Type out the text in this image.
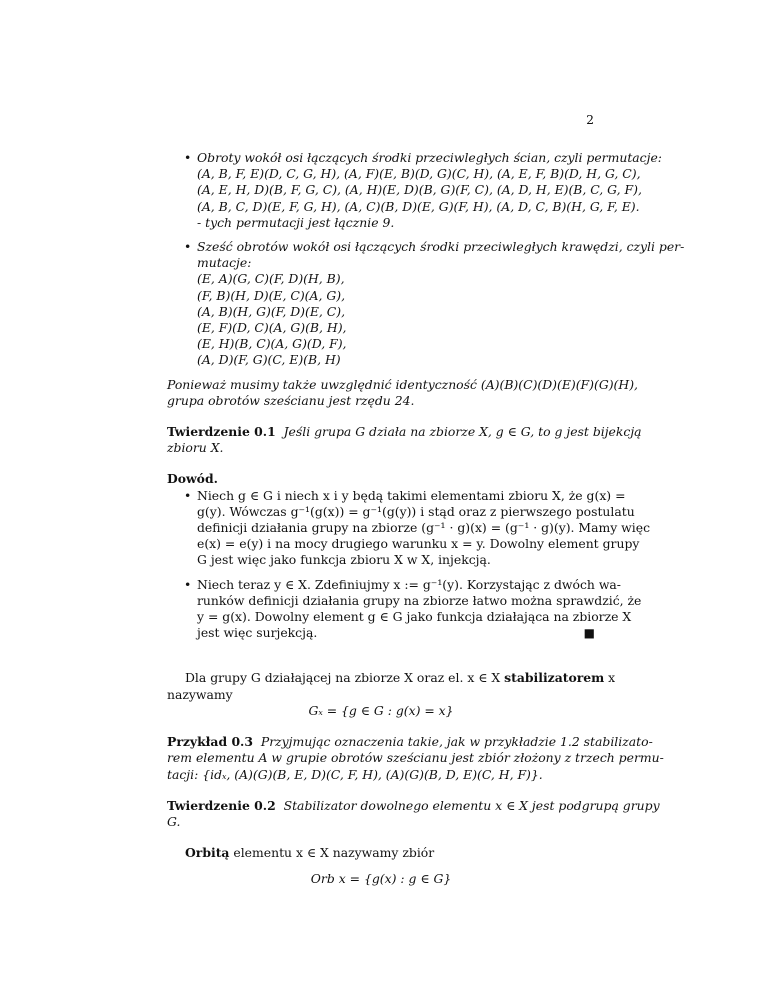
2
• Obroty wokół osi łączących środki przeciwległych ścian, czyli permutacje:
(A, B, F, E)(D, C, G, H), (A, F)(E, B)(D, G)(C, H), (A, E, F, B)(D, H, G, C),
(A, E, H, D)(B, F, G, C), (A, H)(E, D)(B, G)(F, C), (A, D, H, E)(B, C, G, F),
(A, B, C, D)(E, F, G, H), (A, C)(B, D)(E, G)(F, H), (A, D, C, B)(H, G, F, E).
- tych permutacji jest łącznie 9.
• Sześć obrotów wokół osi łączących środki przeciwległych krawędzi, czyli per-
mutacje:
(E, A)(G, C)(F, D)(H, B),
(F, B)(H, D)(E, C)(A, G),
(A, B)(H, G)(F, D)(E, C),
(E, F)(D, C)(A, G)(B, H),
(E, H)(B, C)(A, G)(D, F),
(A, D)(F, G)(C, E)(B, H)
Ponieważ musimy także uwzględnić identyczność (A)(B)(C)(D)(E)(F)(G)(H),
grupa obrotów sześcianu jest rzędu 24.
Twierdzenie 0.1 Jeśli grupa G działa na zbiorze X, g ∈ G, to g jest bijekcją
zbioru X.
Dowód.
• Niech g ∈ G i niech x i y będą takimi elementami zbioru X, że g(x) =
g(y). Wówczas g⁻¹(g(x)) = g⁻¹(g(y)) i stąd oraz z pierwszego postulatu
definicji działania grupy na zbiorze (g⁻¹ · g)(x) = (g⁻¹ · g)(y). Mamy więc
e(x) = e(y) i na mocy drugiego warunku x = y. Dowolny element grupy
G jest więc jako funkcja zbioru X w X, injekcją.
• Niech teraz y ∈ X. Zdefiniujmy x := g⁻¹(y). Korzystając z dwóch wa-
runków definicji działania grupy na zbiorze łatwo można sprawdzić, że
y = g(x). Dowolny element g ∈ G jako funkcja działająca na zbiorze X
jest więc surjekcją.	■
Dla grupy G działającej na zbiorze X oraz el. x ∈ X stabilizatorem x
nazywamy
Gₓ = {g ∈ G : g(x) = x}
Przykład 0.3 Przyjmując oznaczenia takie, jak w przykładzie 1.2 stabilizato-
rem elementu A w grupie obrotów sześcianu jest zbiór złożony z trzech permu-
tacji: {idₓ, (A)(G)(B, E, D)(C, F, H), (A)(G)(B, D, E)(C, H, F)}.
Twierdzenie 0.2 Stabilizator dowolnego elementu x ∈ X jest podgrupą grupy
G.
Orbitą elementu x ∈ X nazywamy zbiór
Orb x = {g(x) : g ∈ G}
